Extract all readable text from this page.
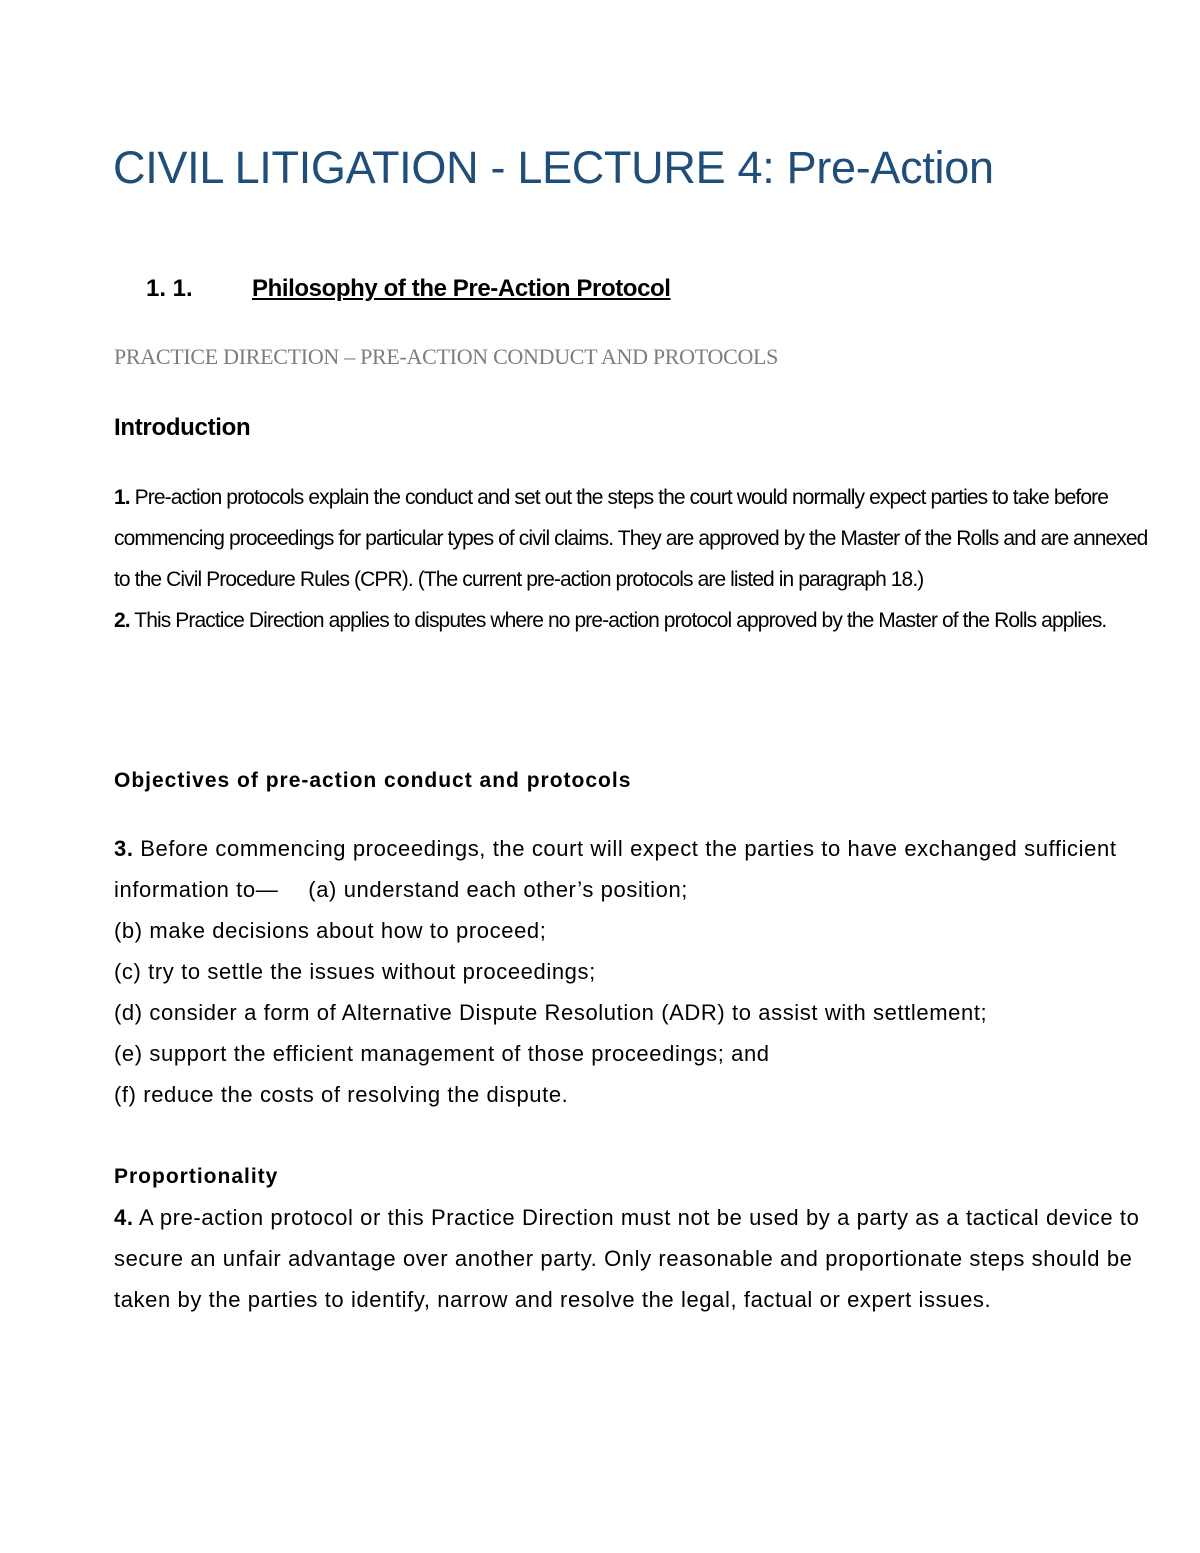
CIVIL LITIGATION - LECTURE 4: Pre-Action
1. 1. Philosophy of the Pre-Action Protocol
PRACTICE DIRECTION – PRE-ACTION CONDUCT AND PROTOCOLS
Introduction

1. Pre-action protocols explain the conduct and set out the steps the court would normally expect parties to take before commencing proceedings for particular types of civil claims. They are approved by the Master of the Rolls and are annexed to the Civil Procedure Rules (CPR). (The current pre-action protocols are listed in paragraph 18.)

2. This Practice Direction applies to disputes where no pre-action protocol approved by the Master of the Rolls applies.

Objectives of pre-action conduct and protocols

3. Before commencing proceedings, the court will expect the parties to have exchanged sufficient information to— (a) understand each other’s position;

(b) make decisions about how to proceed;

(c) try to settle the issues without proceedings;

(d) consider a form of Alternative Dispute Resolution (ADR) to assist with settlement;

(e) support the efficient management of those proceedings; and

(f) reduce the costs of resolving the dispute.

Proportionality

4. A pre-action protocol or this Practice Direction must not be used by a party as a tactical device to secure an unfair advantage over another party. Only reasonable and proportionate steps should be taken by the parties to identify, narrow and resolve the legal, factual or expert issues.
